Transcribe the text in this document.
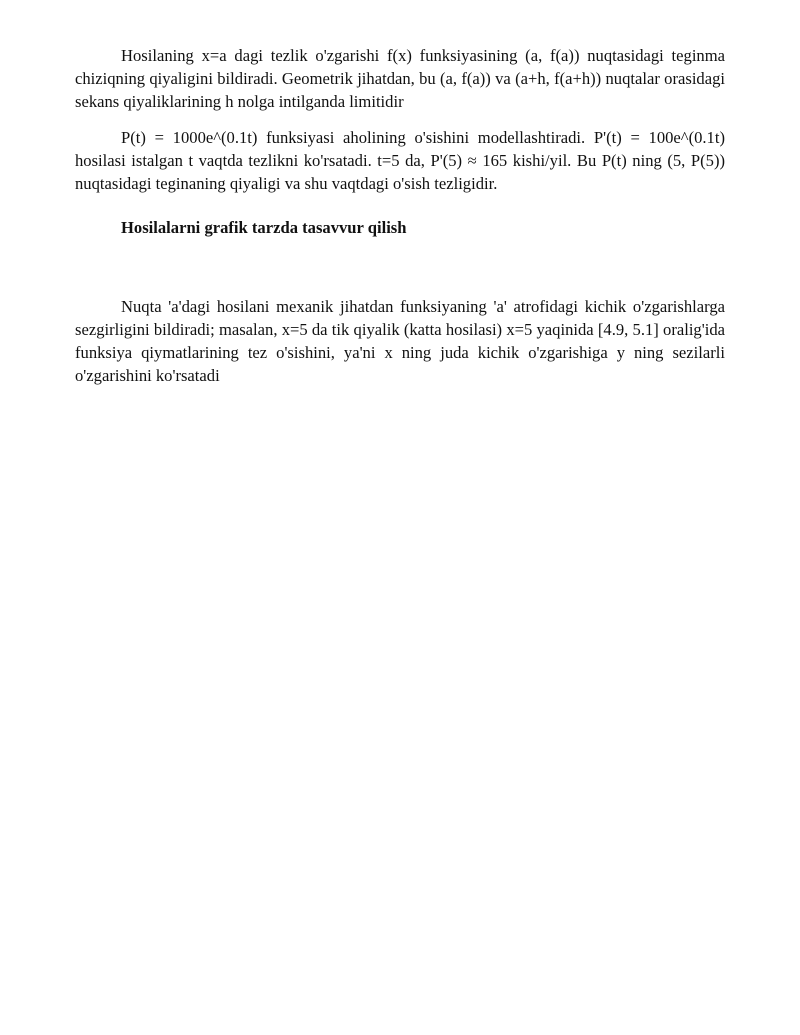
Hosilaning x=a dagi tezlik o'zgarishi f(x) funksiyasining (a, f(a)) nuqtasidagi teginma chiziqning qiyaligini bildiradi. Geometrik jihatdan, bu (a, f(a)) va (a+h, f(a+h)) nuqtalar orasidagi sekans qiyaliklarining h nolga intilganda limitidir

P(t) = 1000e^(0.1t) funksiyasi aholining o'sishini modellashtiradi. P'(t) = 100e^(0.1t) hosilasi istalgan t vaqtda tezlikni ko'rsatadi. t=5 da, P'(5) ≈ 165 kishi/yil. Bu P(t) ning (5, P(5)) nuqtasidagi teginaning qiyaligi va shu vaqtdagi o'sish tezligidir.

Hosilalarni grafik tarzda tasavvur qilish

Nuqta 'a'dagi hosilani mexanik jihatdan funksiyaning 'a' atrofidagi kichik o'zgarishlarga sezgirligini bildiradi; masalan, x=5 da tik qiyalik (katta hosilasi) x=5 yaqinida [4.9, 5.1] oralig'ida funksiya qiymatlarining tez o'sishini, ya'ni x ning juda kichik o'zgarishiga y ning sezilarli o'zgarishini ko'rsatadi
